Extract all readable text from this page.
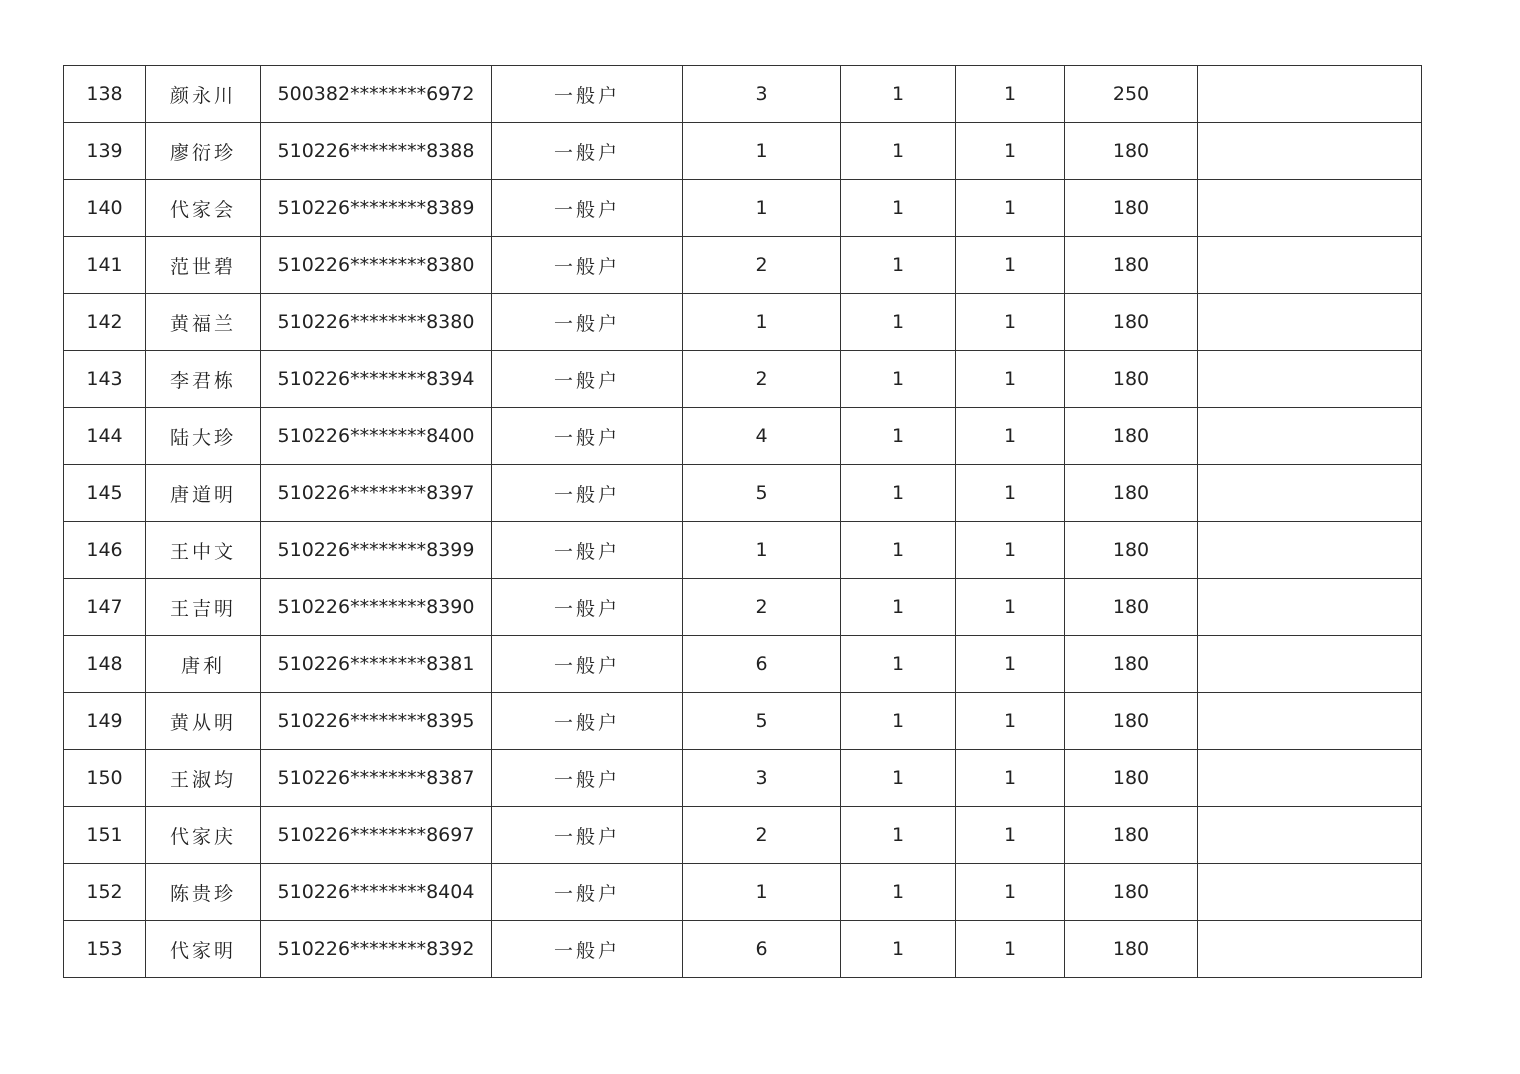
138	颜永川	500382********6972	一般户	3	1	1	250	
139	廖衍珍	510226********8388	一般户	1	1	1	180	
140	代家会	510226********8389	一般户	1	1	1	180	
141	范世碧	510226********8380	一般户	2	1	1	180	
142	黄福兰	510226********8380	一般户	1	1	1	180	
143	李君栋	510226********8394	一般户	2	1	1	180	
144	陆大珍	510226********8400	一般户	4	1	1	180	
145	唐道明	510226********8397	一般户	5	1	1	180	
146	王中文	510226********8399	一般户	1	1	1	180	
147	王吉明	510226********8390	一般户	2	1	1	180	
148	唐利	510226********8381	一般户	6	1	1	180	
149	黄从明	510226********8395	一般户	5	1	1	180	
150	王淑均	510226********8387	一般户	3	1	1	180	
151	代家庆	510226********8697	一般户	2	1	1	180	
152	陈贵珍	510226********8404	一般户	1	1	1	180	
153	代家明	510226********8392	一般户	6	1	1	180	
